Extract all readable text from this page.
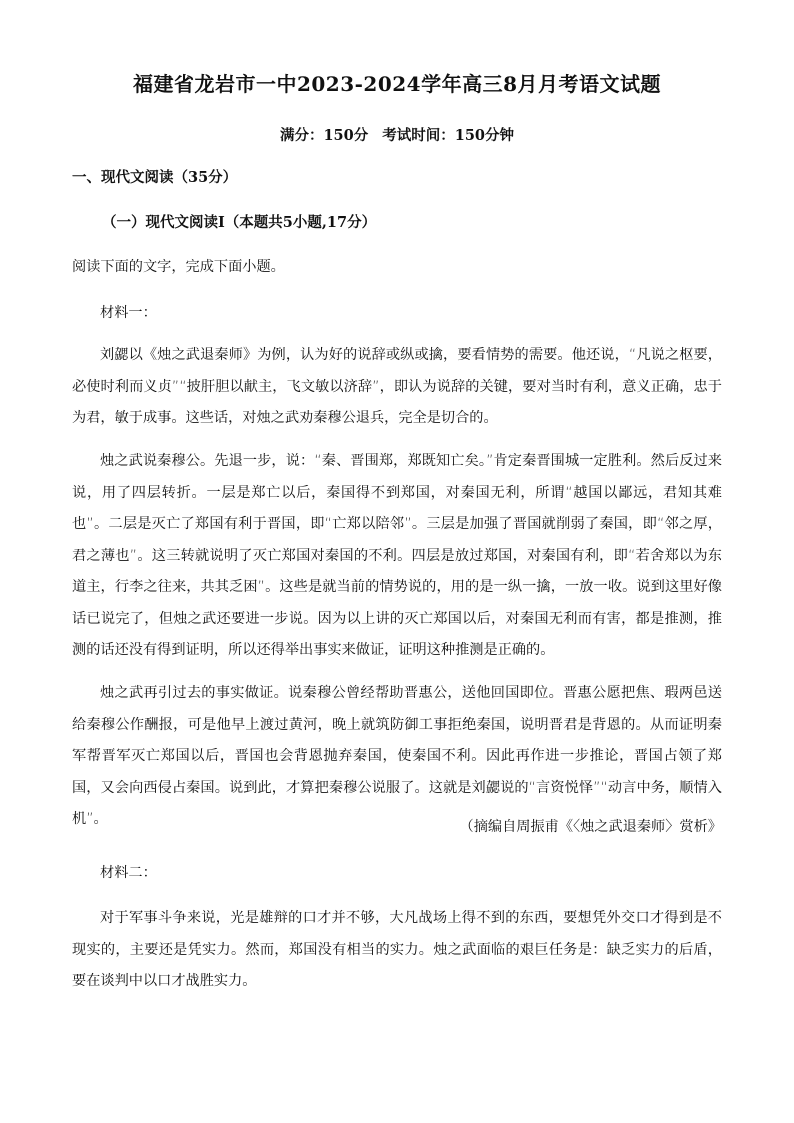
福建省龙岩市一中2023-2024学年高三8月月考语文试题

满分：150分 考试时间：150分钟

一、现代文阅读（35分）

（一）现代文阅读Ⅰ（本题共5小题,17分）

阅读下面的文字，完成下面小题。

材料一：

刘勰以《烛之武退秦师》为例，认为好的说辞或纵或擒，要看情势的需要。他还说，“凡说之枢要，必使时利而义贞”“披肝胆以献主，飞文敏以济辞”，即认为说辞的关键，要对当时有利，意义正确，忠于为君，敏于成事。这些话，对烛之武劝秦穆公退兵，完全是切合的。

烛之武说秦穆公。先退一步，说：“秦、晋围郑，郑既知亡矣。”肯定秦晋围城一定胜利。然后反过来说，用了四层转折。一层是郑亡以后，秦国得不到郑国，对秦国无利，所谓“越国以鄙远，君知其难也”。二层是灭亡了郑国有利于晋国，即“亡郑以陪邻”。三层是加强了晋国就削弱了秦国，即“邻之厚，君之薄也”。这三转就说明了灭亡郑国对秦国的不利。四层是放过郑国，对秦国有利，即“若舍郑以为东道主，行李之往来，共其乏困”。这些是就当前的情势说的，用的是一纵一擒，一放一收。说到这里好像话已说完了，但烛之武还要进一步说。因为以上讲的灭亡郑国以后，对秦国无利而有害，都是推测，推测的话还没有得到证明，所以还得举出事实来做证，证明这种推测是正确的。

烛之武再引过去的事实做证。说秦穆公曾经帮助晋惠公，送他回国即位。晋惠公愿把焦、瑕两邑送给秦穆公作酬报，可是他早上渡过黄河，晚上就筑防御工事拒绝秦国，说明晋君是背恩的。从而证明秦军帮晋军灭亡郑国以后，晋国也会背恩抛弃秦国，使秦国不利。因此再作进一步推论，晋国占领了郑国，又会向西侵占秦国。说到此，才算把秦穆公说服了。这就是刘勰说的“言资悦怿”“动言中务，顺情入机”。	（摘编自周振甫《〈烛之武退秦师〉赏析》

材料二：

对于军事斗争来说，光是雄辩的口才并不够，大凡战场上得不到的东西，要想凭外交口才得到是不现实的，主要还是凭实力。然而，郑国没有相当的实力。烛之武面临的艰巨任务是：缺乏实力的后盾，要在谈判中以口才战胜实力。
